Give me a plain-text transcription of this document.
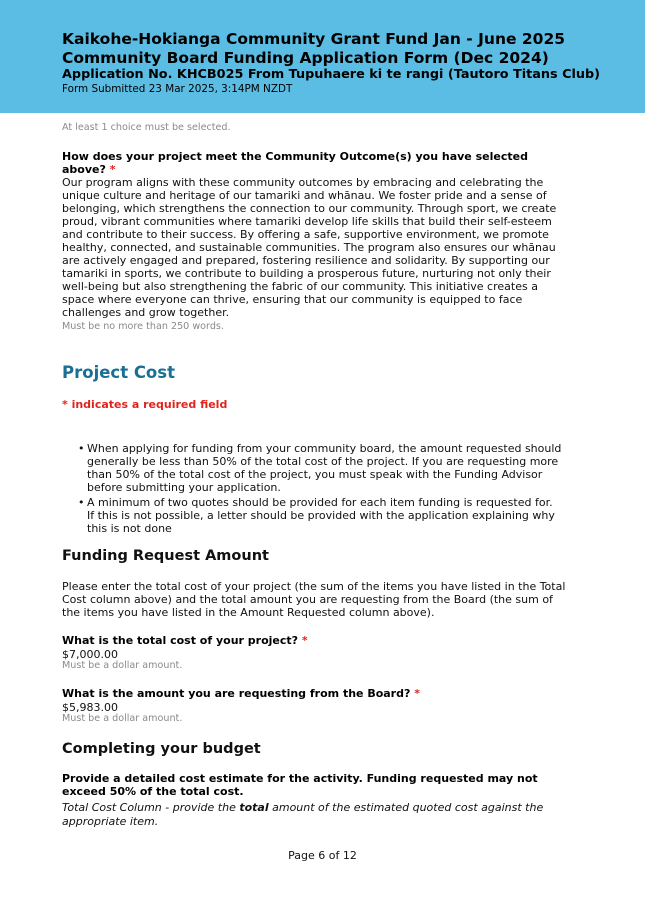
Kaikohe-Hokianga Community Grant Fund Jan - June 2025
Community Board Funding Application Form (Dec 2024)
Application No. KHCB025 From Tupuhaere ki te rangi (Tautoro Titans Club)
Form Submitted 23 Mar 2025, 3:14PM NZDT
At least 1 choice must be selected.
How does your project meet the Community Outcome(s) you have selected above? *
Our program aligns with these community outcomes by embracing and celebrating the unique culture and heritage of our tamariki and whānau. We foster pride and a sense of belonging, which strengthens the connection to our community. Through sport, we create proud, vibrant communities where tamariki develop life skills that build their self-esteem and contribute to their success. By offering a safe, supportive environment, we promote healthy, connected, and sustainable communities. The program also ensures our whānau are actively engaged and prepared, fostering resilience and solidarity. By supporting our tamariki in sports, we contribute to building a prosperous future, nurturing not only their well-being but also strengthening the fabric of our community. This initiative creates a space where everyone can thrive, ensuring that our community is equipped to face challenges and grow together.
Must be no more than 250 words.
Project Cost
* indicates a required field
• When applying for funding from your community board, the amount requested should generally be less than 50% of the total cost of the project. If you are requesting more than 50% of the total cost of the project, you must speak with the Funding Advisor before submitting your application.
• A minimum of two quotes should be provided for each item funding is requested for. If this is not possible, a letter should be provided with the application explaining why this is not done
Funding Request Amount
Please enter the total cost of your project (the sum of the items you have listed in the Total Cost column above) and the total amount you are requesting from the Board (the sum of the items you have listed in the Amount Requested column above).
What is the total cost of your project? *
$7,000.00
Must be a dollar amount.
What is the amount you are requesting from the Board? *
$5,983.00
Must be a dollar amount.
Completing your budget
Provide a detailed cost estimate for the activity. Funding requested may not exceed 50% of the total cost.
Total Cost Column - provide the total amount of the estimated quoted cost against the appropriate item.
Page 6 of 12
